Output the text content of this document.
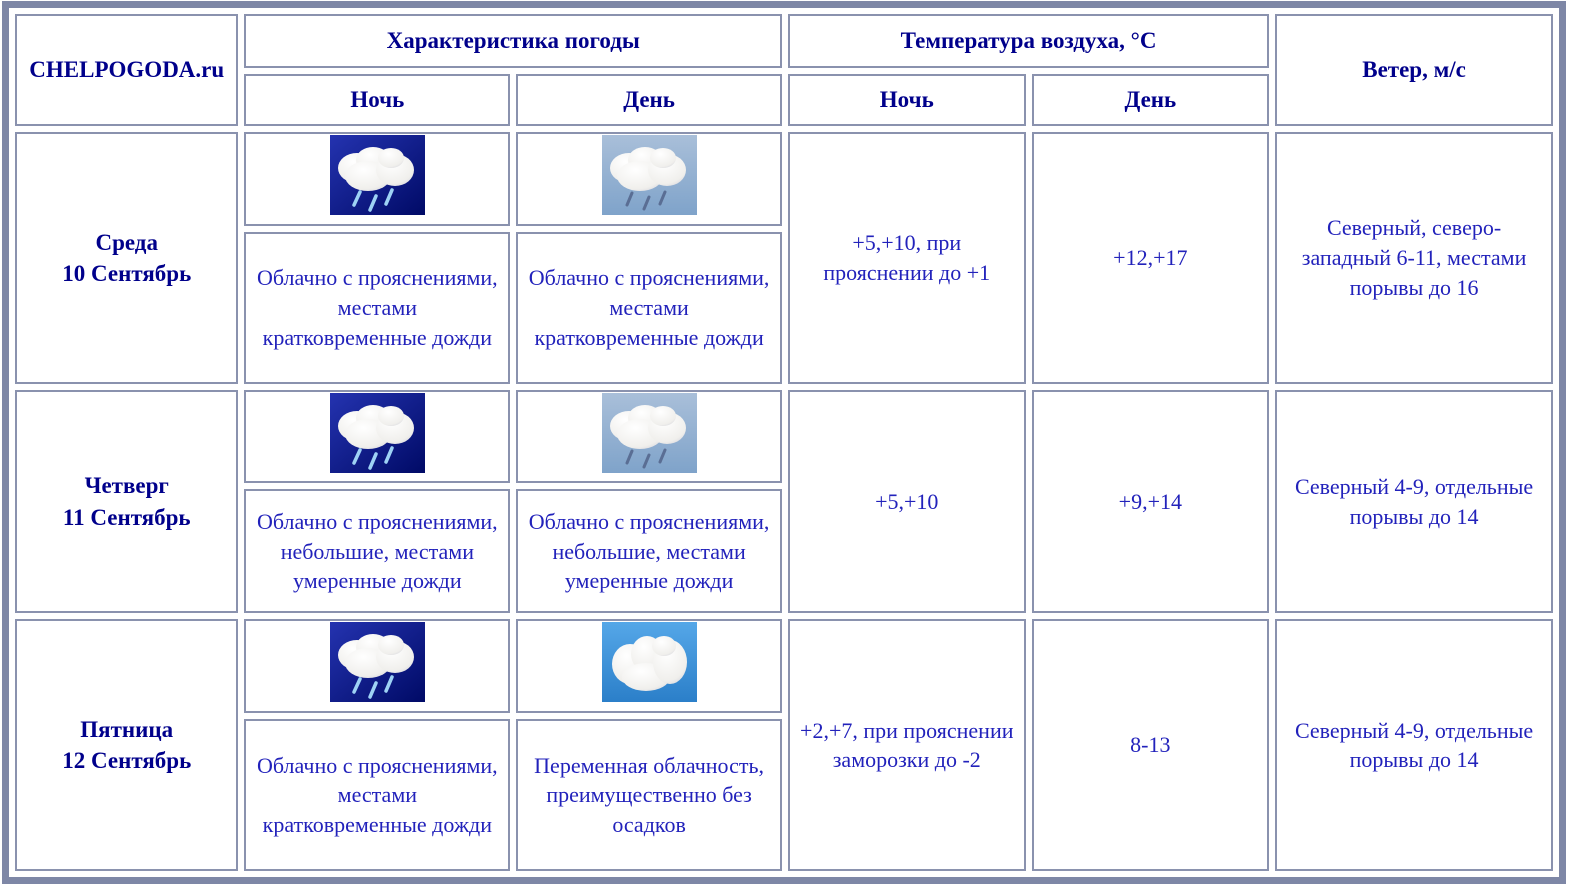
CHELPOGODA.ru	Характеристика погоды		Температура воздуха, °С		Ветер, м/с
	Ночь	День	Ночь	День	

Среда
10 Сентябрь			+5,+10, при прояснении до +1	+12,+17	Северный, северо-западный 6-11, местами порывы до 16
	Облачно с прояснениями, местами кратковременные дожди	Облачно с прояснениями, местами кратковременные дожди			

Четверг
11 Сентябрь			+5,+10	+9,+14	Северный 4-9, отдельные порывы до 14
	Облачно с прояснениями, небольшие, местами умеренные дожди	Облачно с прояснениями, небольшие, местами умеренные дожди			

Пятница
12 Сентябрь			+2,+7, при прояснении заморозки до -2	8-13	Северный 4-9, отдельные порывы до 14
	Облачно с прояснениями, местами кратковременные дожди	Переменная облачность, преимущественно без осадков			
